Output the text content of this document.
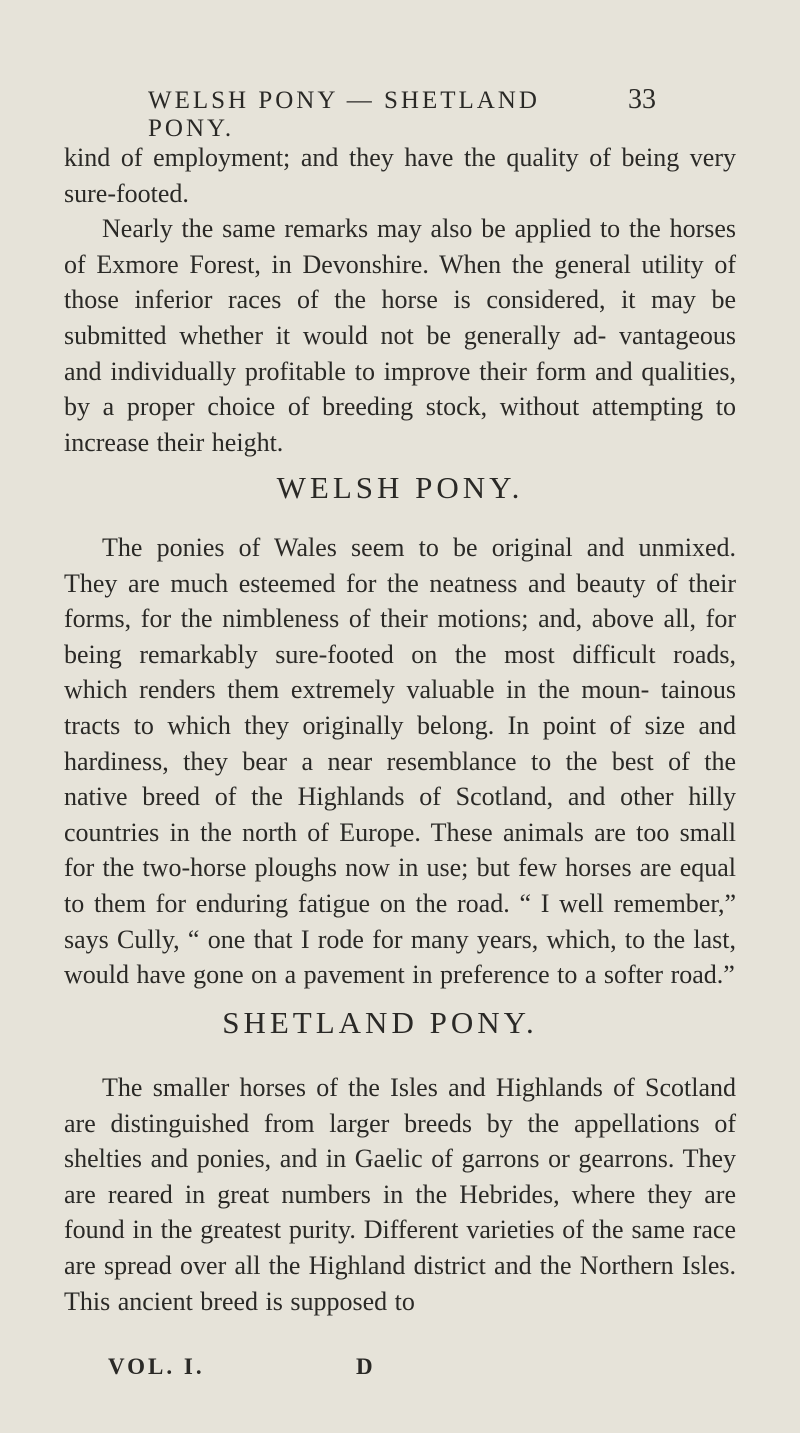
WELSH PONY — SHETLAND PONY.
33

kind of employment; and they have the quality of being very sure-footed.

Nearly the same remarks may also be applied to the horses of Exmore Forest, in Devonshire. When the general utility of those inferior races of the horse is considered, it may be submitted whether it would not be generally ad- vantageous and individually profitable to improve their form and qualities, by a proper choice of breeding stock, without attempting to increase their height.

WELSH PONY.

The ponies of Wales seem to be original and unmixed. They are much esteemed for the neatness and beauty of their forms, for the nimbleness of their motions; and, above all, for being remarkably sure-footed on the most difficult roads, which renders them extremely valuable in the moun- tainous tracts to which they originally belong. In point of size and hardiness, they bear a near resemblance to the best of the native breed of the Highlands of Scotland, and other hilly countries in the north of Europe. These animals are too small for the two-horse ploughs now in use; but few horses are equal to them for enduring fatigue on the road. “ I well remember,” says Cully, “ one that I rode for many years, which, to the last, would have gone on a pavement in preference to a softer road.”

SHETLAND PONY.

The smaller horses of the Isles and Highlands of Scotland are distinguished from larger breeds by the appellations of shelties and ponies, and in Gaelic of garrons or gearrons. They are reared in great numbers in the Hebrides, where they are found in the greatest purity. Different varieties of the same race are spread over all the Highland district and the Northern Isles. This ancient breed is supposed to

VOL. I.	D
